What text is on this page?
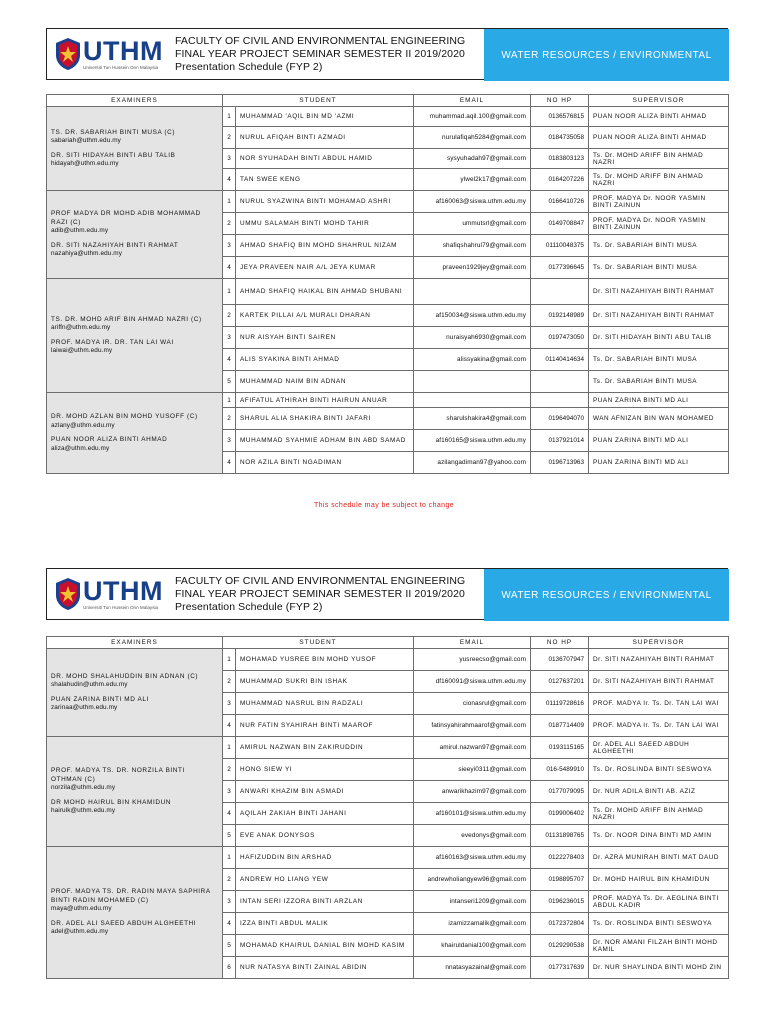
UTHM
Universiti Tun Hussein Onn Malaysia
FACULTY OF CIVIL AND ENVIRONMENTAL ENGINEERING
FINAL YEAR PROJECT SEMINAR SEMESTER II 2019/2020
Presentation Schedule (FYP 2)
WATER RESOURCES / ENVIRONMENTAL
EXAMINERS	STUDENT		EMAIL	NO HP	SUPERVISOR

TS. DR. SABARIAH BINTI MUSA (C)
sabariah@uthm.edu.my
DR. SITI HIDAYAH BINTI ABU TALIB
hidayah@uthm.edu.my	1	MUHAMMAD 'AQIL BIN MD 'AZMI	muhammad.aqil.100@gmail.com	0136576815	PUAN NOOR ALIZA BINTI AHMAD
	2	NURUL AFIQAH BINTI AZMADI	nurulafiqah5284@gmail.com	0184735058	PUAN NOOR ALIZA BINTI AHMAD
	3	NOR SYUHADAH BINTI ABDUL HAMID	sysyuhadah97@gmail.com	0183803123	Ts. Dr. MOHD ARIFF BIN AHMAD NAZRI
	4	TAN SWEE KENG	ylwel2k17@gmail.com	0164207226	Ts. Dr. MOHD ARIFF BIN AHMAD NAZRI

PROF MADYA DR MOHD ADIB MOHAMMAD RAZI (C)
adib@uthm.edu.my
DR. SITI NAZAHIYAH BINTI RAHMAT
nazahiya@uthm.edu.my	1	NURUL SYAZWINA BINTI MOHAMAD ASHRI	af160063@siswa.uthm.edu.my	0166410726	PROF. MADYA Dr. NOOR YASMIN BINTI ZAINUN
	2	UMMU SALAMAH BINTI MOHD TAHIR	ummutsrl@gmail.com	0149708847	PROF. MADYA Dr. NOOR YASMIN BINTI ZAINUN
	3	AHMAD SHAFIQ BIN MOHD SHAHRUL NIZAM	shafiqshahrul79@gmail.com	01110048375	Ts. Dr. SABARIAH BINTI MUSA
	4	JEYA PRAVEEN NAIR A/L JEYA KUMAR	praveen1929jey@gmail.com	0177396645	Ts. Dr. SABARIAH BINTI MUSA

TS. DR. MOHD ARIF BIN AHMAD NAZRI (C)
ariffn@uthm.edu.my
PROF. MADYA IR. DR. TAN LAI WAI
laiwai@uthm.edu.my	1	AHMAD SHAFIQ HAIKAL BIN AHMAD SHUBANI			Dr. SITI NAZAHIYAH BINTI RAHMAT
	2	KARTEK PILLAI A/L MURALI DHARAN	af150034@siswa.uthm.edu.my	0192148989	Dr. SITI NAZAHIYAH BINTI RAHMAT
	3	NUR AISYAH BINTI SAIREN	nuraisyah6930@gmail.com	0197473050	Dr. SITI HIDAYAH BINTI ABU TALIB
	4	ALIS SYAKINA BINTI AHMAD	alissyakina@gmail.com	01140414634	Ts. Dr. SABARIAH BINTI MUSA
	5	MUHAMMAD NAIM BIN ADNAN			Ts. Dr. SABARIAH BINTI MUSA

DR. MOHD AZLAN BIN MOHD YUSOFF (C)
azlany@uthm.edu.my
PUAN NOOR ALIZA BINTI AHMAD
aliza@uthm.edu.my	1	AFIFATUL ATHIRAH BINTI HAIRUN ANUAR			PUAN ZARINA BINTI MD ALI
	2	SHARUL ALIA SHAKIRA BINTI JAFARI	sharulshakira4@gmail.com	0196494070	WAN AFNIZAN BIN WAN MOHAMED
	3	MUHAMMAD SYAHMIE ADHAM BIN ABD SAMAD	af160165@siswa.uthm.edu.my	0137921014	PUAN ZARINA BINTI MD ALI
	4	NOR AZILA BINTI NGADIMAN	azilangadiman97@yahoo.com	0196713963	PUAN ZARINA BINTI MD ALI
This schedule may be subject to change
UTHM
Universiti Tun Hussein Onn Malaysia
FACULTY OF CIVIL AND ENVIRONMENTAL ENGINEERING
FINAL YEAR PROJECT SEMINAR SEMESTER II 2019/2020
Presentation Schedule (FYP 2)
WATER RESOURCES / ENVIRONMENTAL
EXAMINERS	STUDENT		EMAIL	NO HP	SUPERVISOR

DR. MOHD SHALAHUDDIN BIN ADNAN (C)
shalahudin@uthm.edu.my
PUAN ZARINA BINTI MD ALI
zarinaa@uthm.edu.my	1	MOHAMAD YUSREE BIN MOHD YUSOF	yusreecso@gmail.com	0136707947	Dr. SITI NAZAHIYAH BINTI RAHMAT
	2	MUHAMMAD SUKRI BIN ISHAK	df160091@siswa.uthm.edu.my	0127637201	Dr. SITI NAZAHIYAH BINTI RAHMAT
	3	MUHAMMAD NASRUL BIN RADZALI	cionasrul@gmail.com	01119728616	PROF. MADYA Ir. Ts. Dr. TAN LAI WAI
	4	NUR FATIN SYAHIRAH BINTI MAAROF	fatinsyahirahmaarof@gmail.com	0187714409	PROF. MADYA Ir. Ts. Dr. TAN LAI WAI

PROF. MADYA TS. DR. NORZILA BINTI OTHMAN (C)
norzila@uthm.edu.my
DR MOHD HAIRUL BIN KHAMIDUN
hairulk@uthm.edu.my	1	AMIRUL NAZWAN BIN ZAKIRUDDIN	amirul.nazwan97@gmail.com	0193115165	Dr. ADEL ALI SAEED ABDUH ALGHEETHI
	2	HONG SIEW YI	sieeyi0311@gmail.com	016-5489910	Ts. Dr. ROSLINDA BINTI SESWOYA
	3	ANWARI KHAZIM BIN ASMADI	anwarikhazim97@gmail.com	0177079095	Dr. NUR ADILA BINTI AB. AZIZ
	4	AQILAH ZAKIAH BINTI JAHANI	af160101@siswa.uthm.edu.my	0199006402	Ts. Dr. MOHD ARIFF BIN AHMAD NAZRI
	5	EVE ANAK DONYSOS	evedonys@gmail.com	01131898765	Ts. Dr. NOOR DINA BINTI MD AMIN

PROF. MADYA TS. DR. RADIN MAYA SAPHIRA BINTI RADIN MOHAMED (C)
maya@uthm.edu.my
DR. ADEL ALI SAEED ABDUH ALGHEETHI
adel@uthm.edu.my	1	HAFIZUDDIN BIN ARSHAD	af160163@siswa.uthm.edu.my	0122278403	Dr. AZRA MUNIRAH BINTI MAT DAUD
	2	ANDREW HO LIANG YEW	andrewholiangyew96@gmail.com	0198895707	Dr. MOHD HAIRUL BIN KHAMIDUN
	3	INTAN SERI IZZORA BINTI ARZLAN	intanseri1209@gmail.com	0196236015	PROF. MADYA Ts. Dr. AEGLINA BINTI ABDUL KADIR
	4	IZZA BINTI ABDUL MALIK	izamizzamalik@gmail.com	0172372804	Ts. Dr. ROSLINDA BINTI SESWOYA
	5	MOHAMAD KHAIRUL DANIAL BIN MOHD KASIM	khairuldanial100@gmail.com	0129290538	Dr. NOR AMANI FILZAH BINTI MOHD KAMIL
	6	NUR NATASYA BINTI ZAINAL ABIDIN	nnatasyazainal@gmail.com	0177317639	Dr. NUR SHAYLINDA BINTI MOHD ZIN
